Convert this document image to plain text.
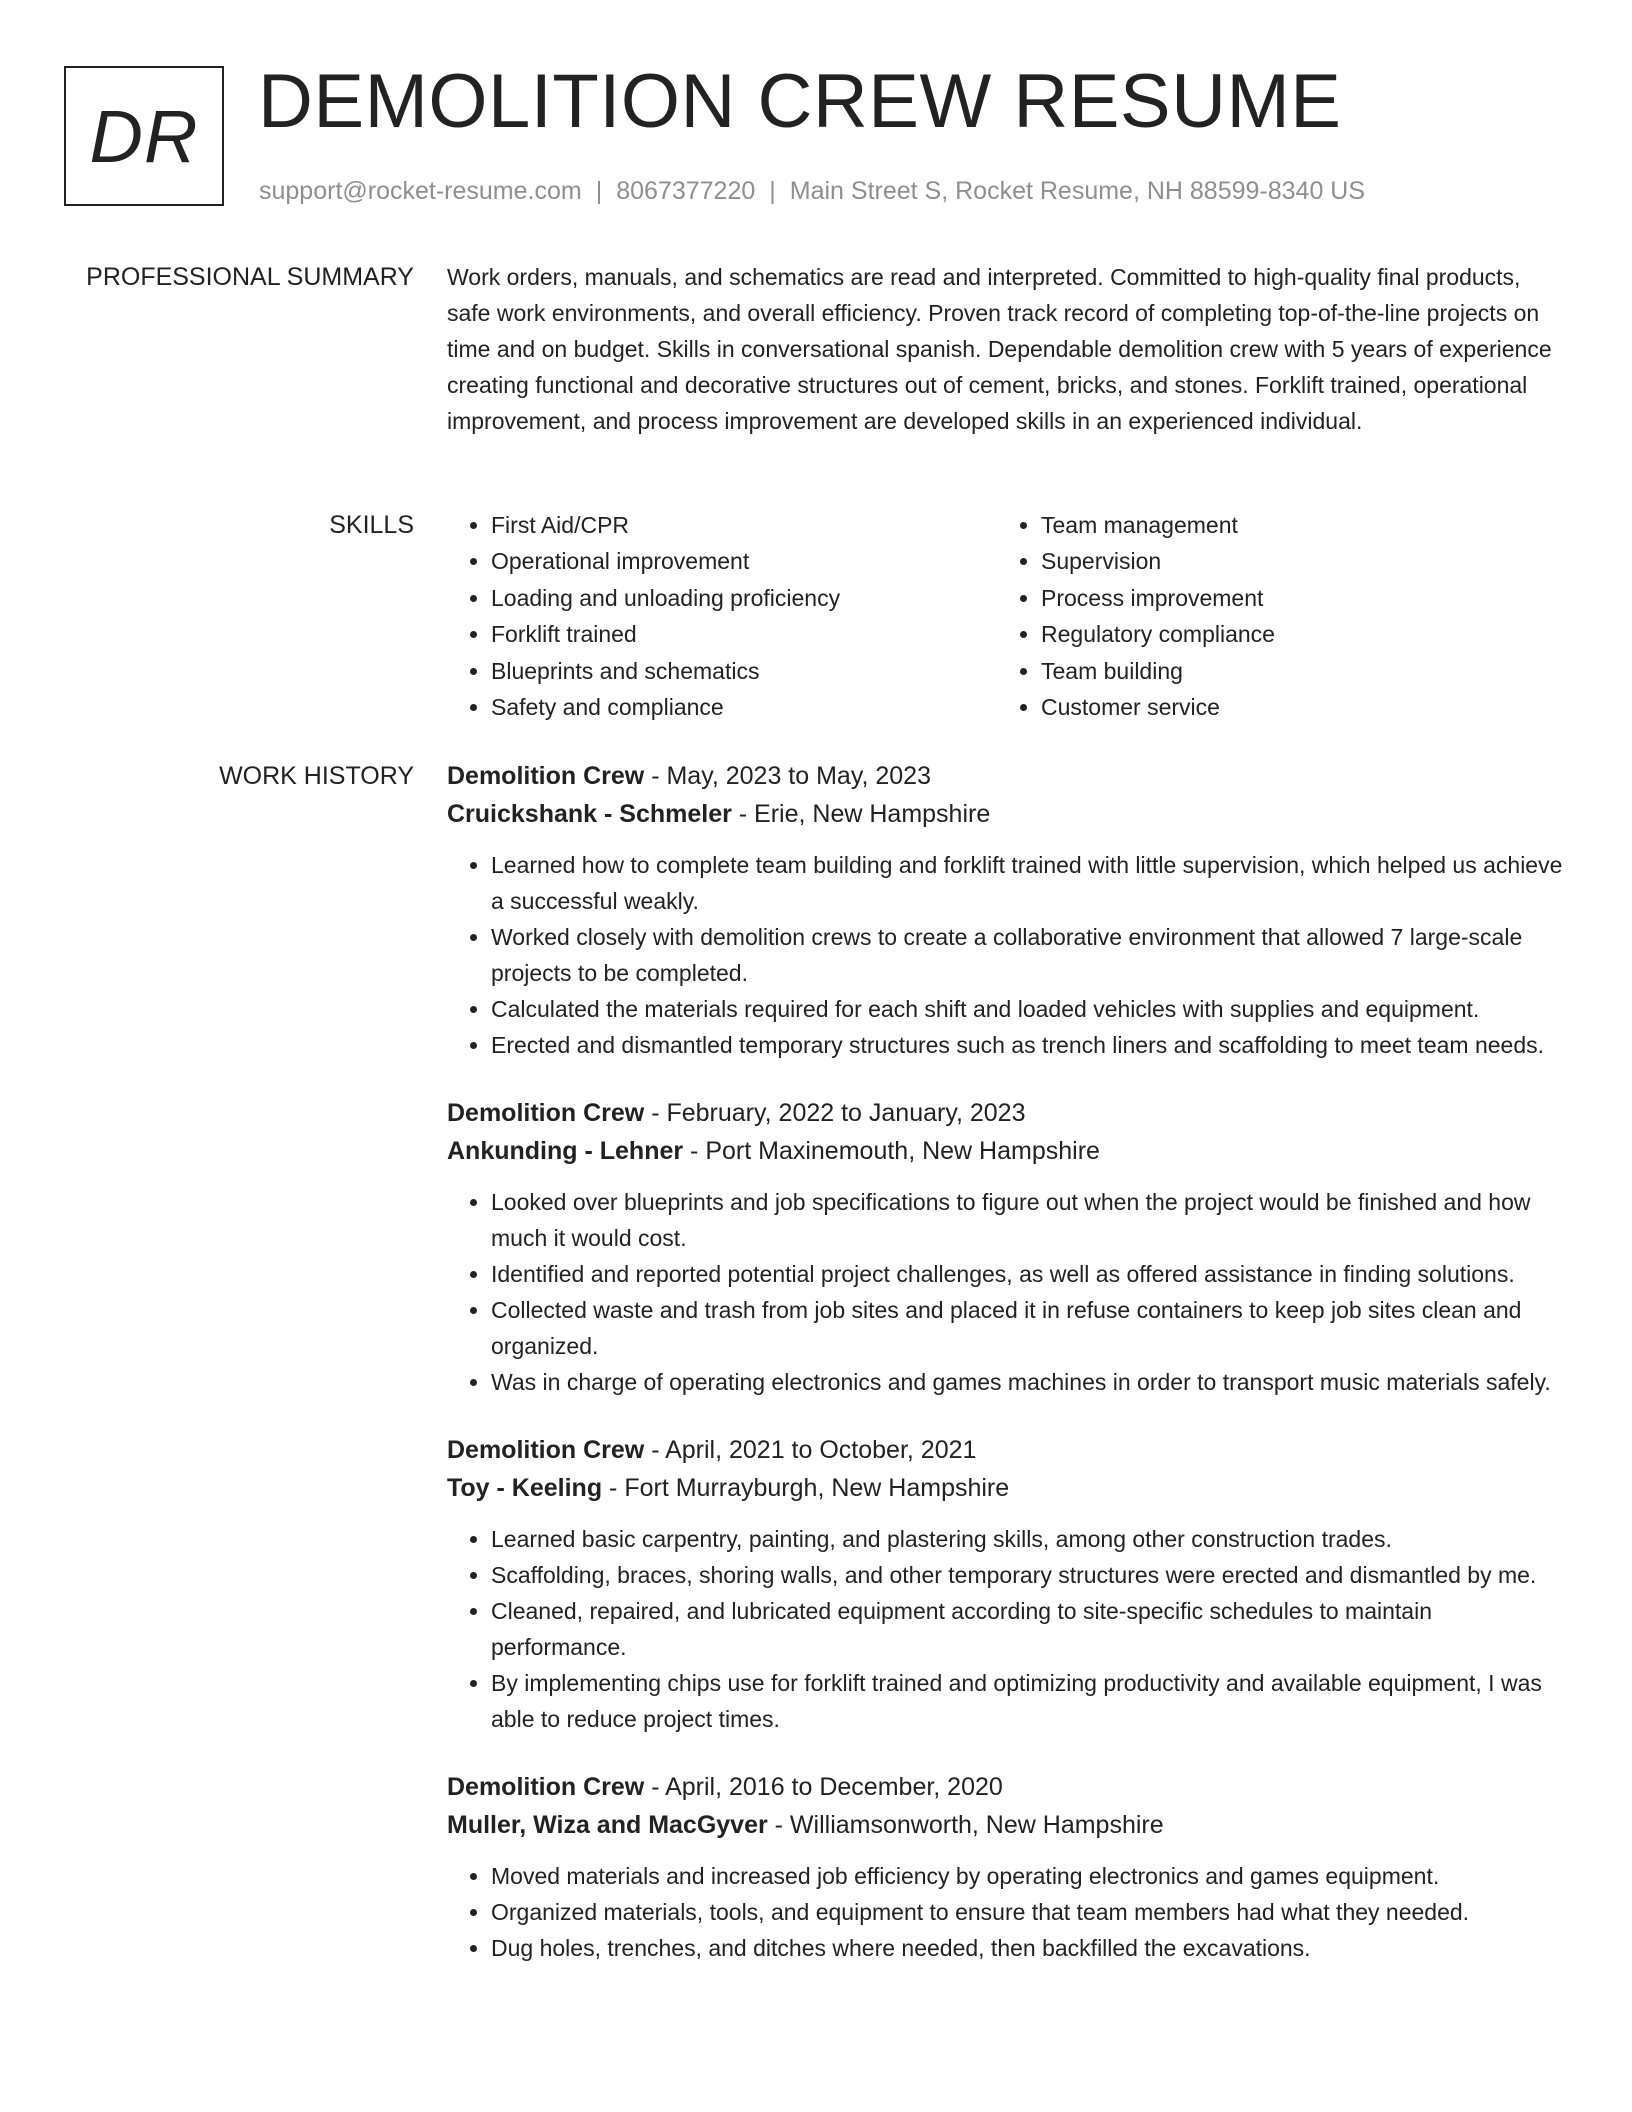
DR DEMOLITION CREW RESUME
support@rocket-resume.com | 8067377220 | Main Street S, Rocket Resume, NH 88599-8340 US
PROFESSIONAL SUMMARY Work orders, manuals, and schematics are read and interpreted. Committed to high-quality final products, safe work environments, and overall efficiency. Proven track record of completing top-of-the-line projects on time and on budget. Skills in conversational spanish. Dependable demolition crew with 5 years of experience creating functional and decorative structures out of cement, bricks, and stones. Forklift trained, operational improvement, and process improvement are developed skills in an experienced individual.

SKILLS
•	First Aid/CPR
• Operational improvement
• Loading and unloading proficiency
• Forklift trained
• Blueprints and schematics
• Safety and compliance
• Team management
• Supervision
• Process improvement
• Regulatory compliance
• Team building
• Customer service
WORK HISTORY Demolition Crew - May, 2023 to May, 2023
Cruickshank - Schmeler - Erie, New Hampshire
• Learned how to complete team building and forklift trained with little supervision, which helped us achieve a successful weakly.
• Worked closely with demolition crews to create a collaborative environment that allowed 7 large-scale projects to be completed.
• Calculated the materials required for each shift and loaded vehicles with supplies and equipment.
• Erected and dismantled temporary structures such as trench liners and scaffolding to meet team needs.
Demolition Crew - February, 2022 to January, 2023
Ankunding - Lehner - Port Maxinemouth, New Hampshire
• Looked over blueprints and job specifications to figure out when the project would be finished and how much it would cost.
• Identified and reported potential project challenges, as well as offered assistance in finding solutions.
• Collected waste and trash from job sites and placed it in refuse containers to keep job sites clean and organized.
• Was in charge of operating electronics and games machines in order to transport music materials safely.
Demolition Crew - April, 2021 to October, 2021
Toy - Keeling - Fort Murrayburgh, New Hampshire
• Learned basic carpentry, painting, and plastering skills, among other construction trades.
• Scaffolding, braces, shoring walls, and other temporary structures were erected and dismantled by me.
• Cleaned, repaired, and lubricated equipment according to site-specific schedules to maintain performance.
• By implementing chips use for forklift trained and optimizing productivity and available equipment, I was able to reduce project times.
Demolition Crew - April, 2016 to December, 2020
Muller, Wiza and MacGyver - Williamsonworth, New Hampshire
• Moved materials and increased job efficiency by operating electronics and games equipment.
• Organized materials, tools, and equipment to ensure that team members had what they needed.
• Dug holes, trenches, and ditches where needed, then backfilled the excavations.
